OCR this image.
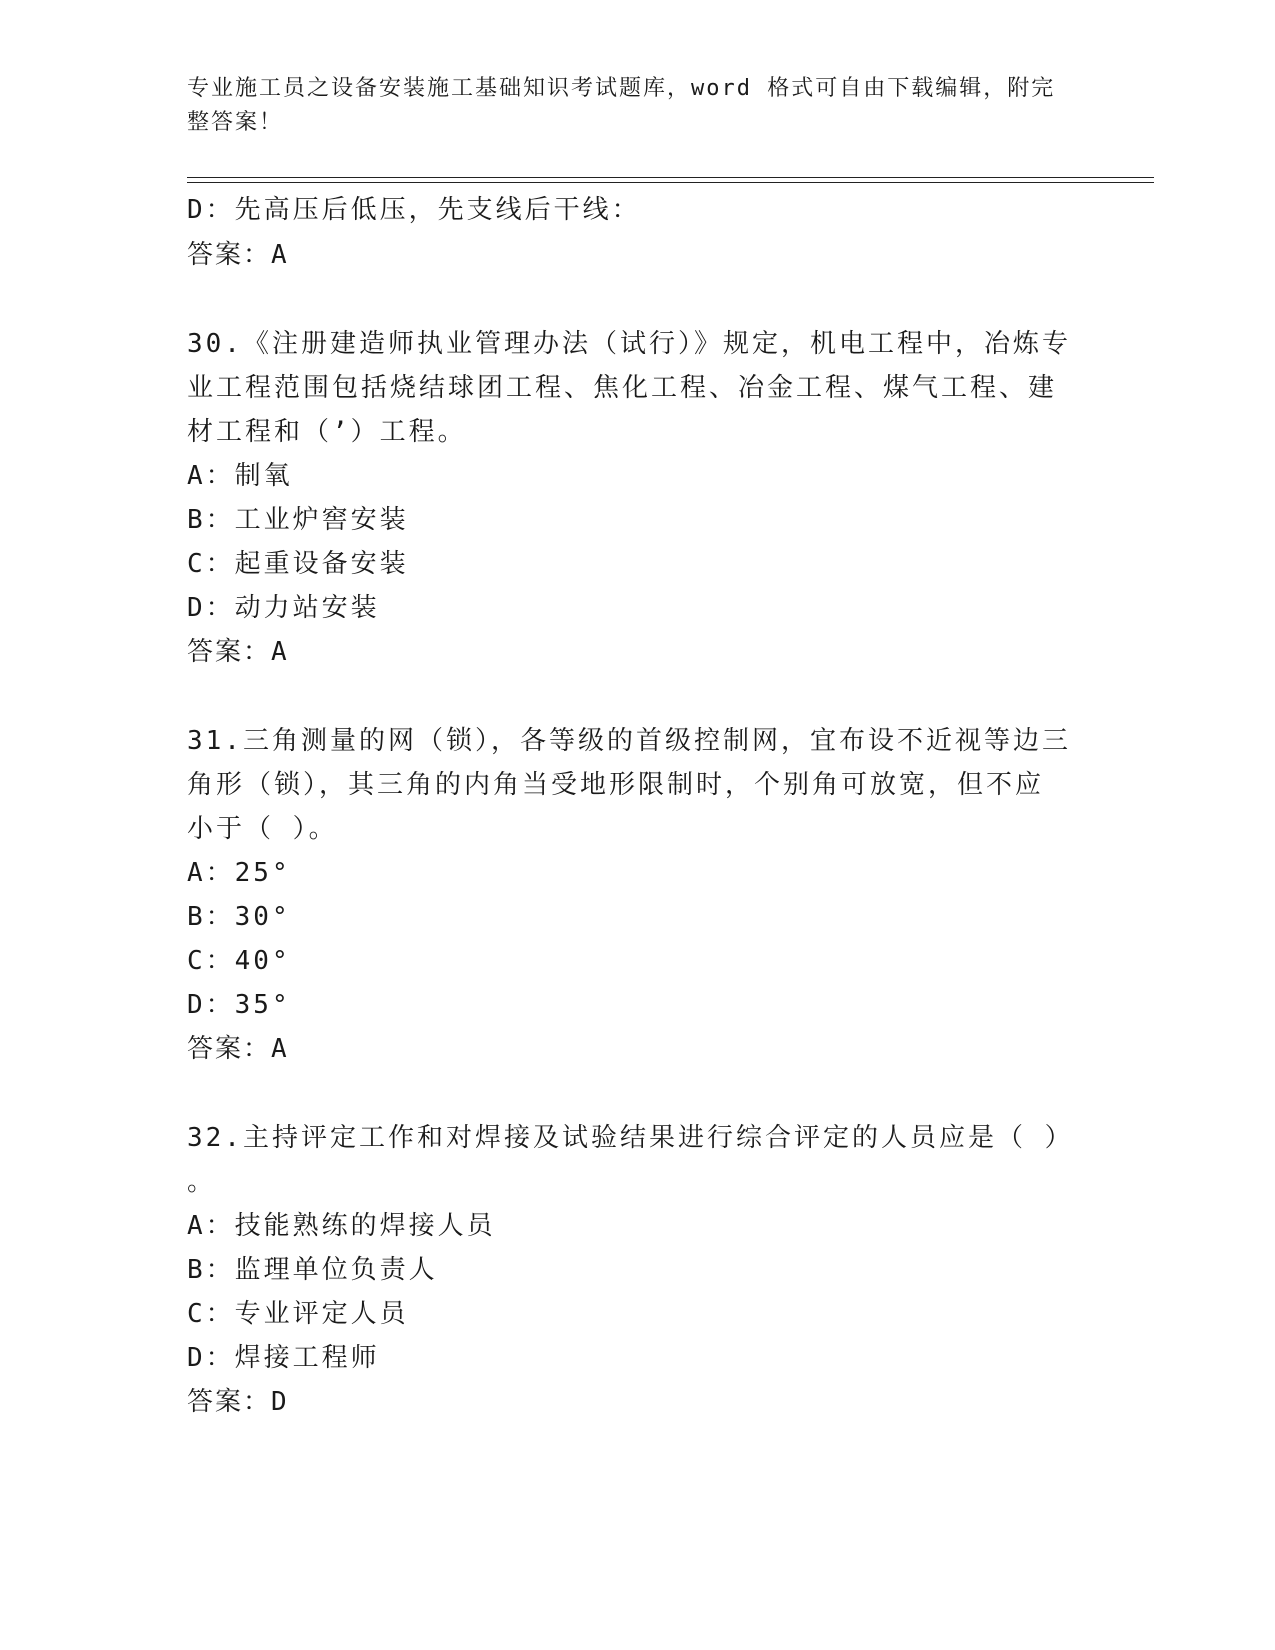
专业施工员之设备安装施工基础知识考试题库，word 格式可自由下载编辑，附完整答案！
D：先高压后低压，先支线后干线：
答案：A
30.《注册建造师执业管理办法（试行）》规定，机电工程中，冶炼专
业工程范围包括烧结球团工程、焦化工程、冶金工程、煤气工程、建
材工程和（’）工程。
A：制氧
B：工业炉窖安装
C：起重设备安装
D：动力站安装
答案：A
31.三角测量的网（锁），各等级的首级控制网，宜布设不近视等边三
角形（锁），其三角的内角当受地形限制时，个别角可放宽，但不应
小于（ ）。
A：25°
B：30°
C：40°
D：35°
答案：A
32.主持评定工作和对焊接及试验结果进行综合评定的人员应是（ ）
。
A：技能熟练的焊接人员
B：监理单位负责人
C：专业评定人员
D：焊接工程师
答案：D
